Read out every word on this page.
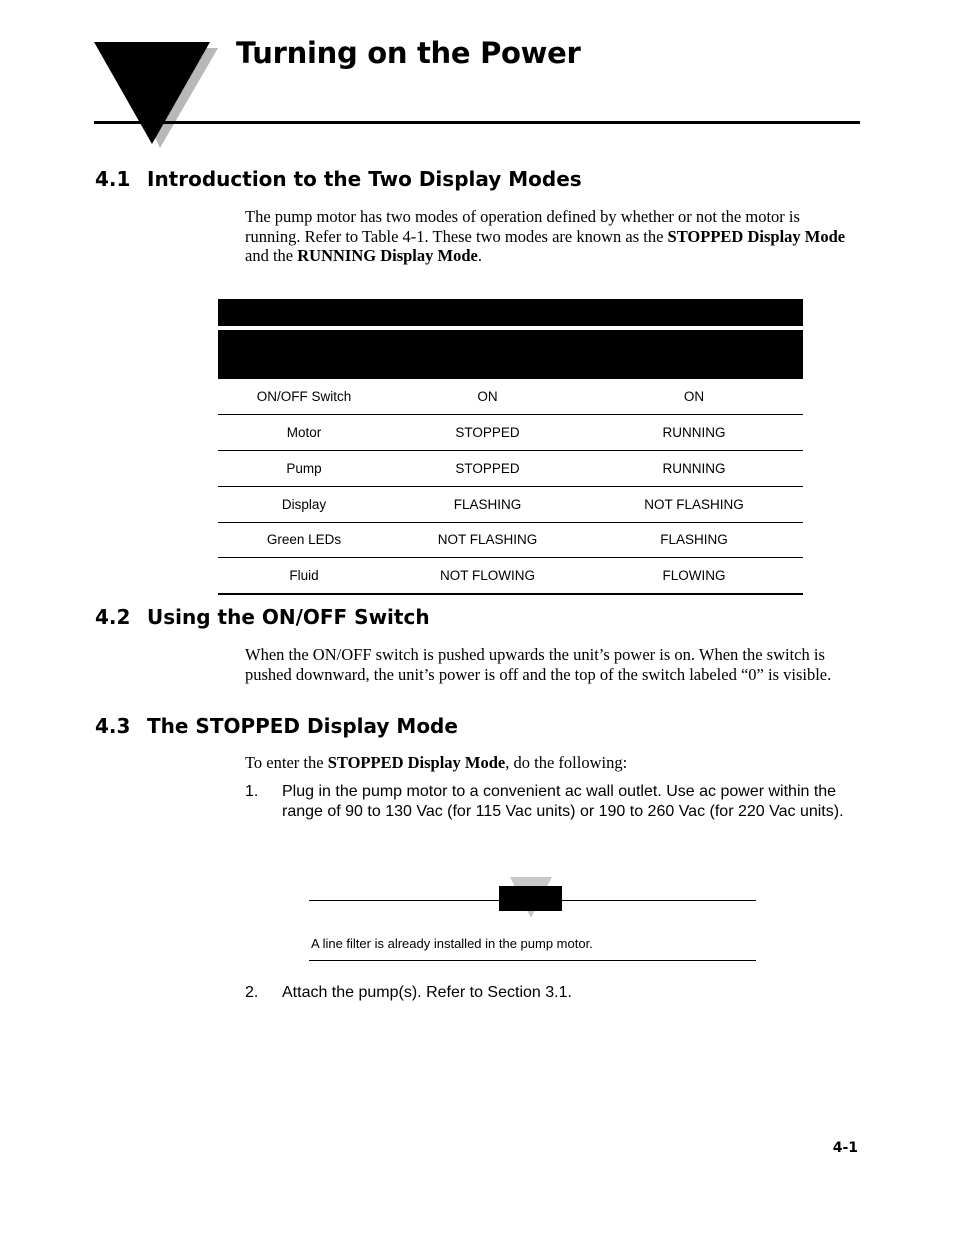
Turning on the Power
4.1 Introduction to the Two Display Modes
The pump motor has two modes of operation defined by whether or not the motor is running. Refer to Table 4-1. These two modes are known as the STOPPED Display Mode and the RUNNING Display Mode.
ON/OFF Switch	ON	ON
Motor	STOPPED	RUNNING
Pump	STOPPED	RUNNING
Display	FLASHING	NOT FLASHING
Green LEDs	NOT FLASHING	FLASHING
Fluid	NOT FLOWING	FLOWING
4.2 Using the ON/OFF Switch
When the ON/OFF switch is pushed upwards the unit’s power is on. When the switch is pushed downward, the unit’s power is off and the top of the switch labeled “0” is visible.
4.3 The STOPPED Display Mode
To enter the STOPPED Display Mode, do the following:
1. Plug in the pump motor to a convenient ac wall outlet. Use ac power within the range of 90 to 130 Vac (for 115 Vac units) or 190 to 260 Vac (for 220 Vac units).
A line filter is already installed in the pump motor.
2. Attach the pump(s). Refer to Section 3.1.
4-1
